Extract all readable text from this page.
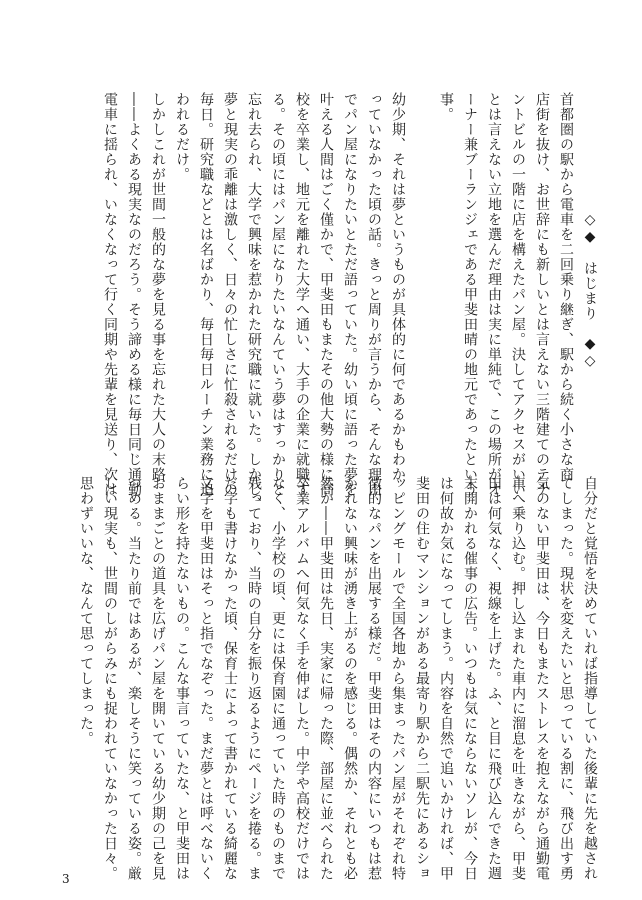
◇◆　はじまり　◆◇
首都圏の駅から電車を二回乗り継ぎ、駅から続く小さな商
店街を抜け、お世辞にも新しいとは言えない三階建てのテナ
ントビルの一階に店を構えたパン屋。決してアクセスがいい
とは言えない立地を選んだ理由は実に単純で、この場所がオ
ーナー兼ブーランジェである甲斐田晴の地元であったという
事。
幼少期、それは夢というものが具体的に何であるかもわか
っていなかった頃の話。きっと周りが言うから、そんな理由
でパン屋になりたいとただ語っていた。幼い頃に語った夢を
叶える人間はごく僅かで、甲斐田もまたその他大勢の様に高
校を卒業し、地元を離れた大学へ通い、大手の企業に就職す
る。その頃にはパン屋になりたいなんていう夢はすっかりと
忘れ去られ、大学で興味を惹かれた研究職に就いた。しかし、
夢と現実の乖離は激しく、日々の忙しさに忙殺されるだけの
毎日。研究職などとは名ばかり、毎日毎日ルーチン業務に追
われるだけ。
しかしこれが世間一般的な夢を見る事を忘れた大人の末路
――よくある現実なのだろう。そう諦める様に毎日同じ通勤
電車に揺られ、いなくなって行く同期や先輩を見送り、次は
自分だと覚悟を決めていれば指導していた後輩に先を越され
てしまった。現状を変えたいと思っている割に、飛び出す勇
気のない甲斐田は、今日もまたストレスを抱えながら通勤電
車へ乗り込む。押し込まれた車内に溜息を吐きながら、甲斐
田は何気なく、視線を上げた。ふ、と目に飛び込んできた週
末開かれる催事の広告。いつもは気にならないソレが、今日
は何故か気になってしまう。内容を自然で追いかければ、甲
斐田の住むマンションがある最寄り駅から二駅先にあるショ
ッピングモールで全国各地から集まったパン屋がそれぞれ特
徴的なパンを出展する様だ。甲斐田はその内容にいつもは惹
かれない興味が湧き上がるのを感じる。偶然か、それとも必
然か――甲斐田は先日、実家に帰った際、部屋に並べられた
卒業アルバムへ何気なく手を伸ばした。中学や高校だけでは
なく、小学校の頃、更には保育園に通っていた時のものまで
残っており、当時の自分を振り返るようにページを捲る。ま
だ字も書けなかった頃、保育士によって書かれている綺麗な
文字を甲斐田はそっと指でなぞった。まだ夢とは呼べないく
らい形を持たないもの。こんな事言っていたな、と甲斐田は
おままごとの道具を広げパン屋を開いている幼少期の己を見
つめる。当たり前ではあるが、楽しそうに笑っている姿。厳
しい現実も、世間のしがらみにも捉われていなかった日々。
思わずいいな、なんて思ってしまった。
3
